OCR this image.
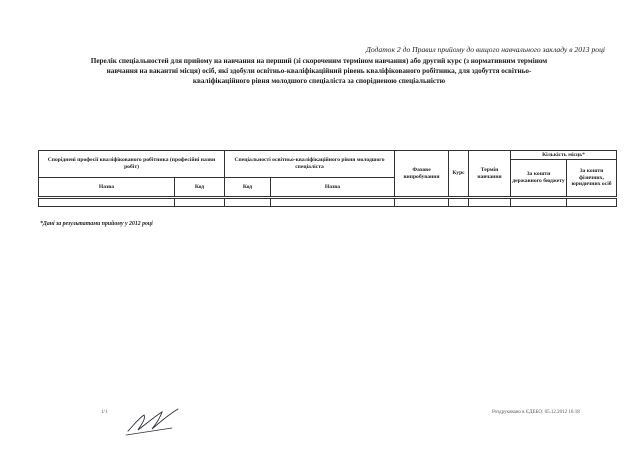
Додаток 2 до Правил прийому до вищого навчального закладу в 2013 році
Перелік спеціальностей для прийому на навчання на перший (зі скороченим терміном навчання) або другий курс (з нормативним терміном
навчання на вакантні місця) осіб, які здобули освітньо-кваліфікаційний рівень кваліфікованого робітника, для здобуття освітньо-
кваліфікаційного рівня молодшого спеціаліста за спорідненою спеціальністю
Споріднені професії кваліфікованого робітника (професійні назви робіт)		Спеціальності освітньо-кваліфікаційного рівня молодшого спеціаліста		Фахове випробування	Курс	Термін навчання	Кількість місць*	
							За кошти державного бюджету	За кошти фізичних, юридичних осіб
Назва	Код	Код	Назва					

*Дані за результатами прийому у 2012 році
1/1	Роздруковано в ЄДЕБО: 05.12.2012 16:18
